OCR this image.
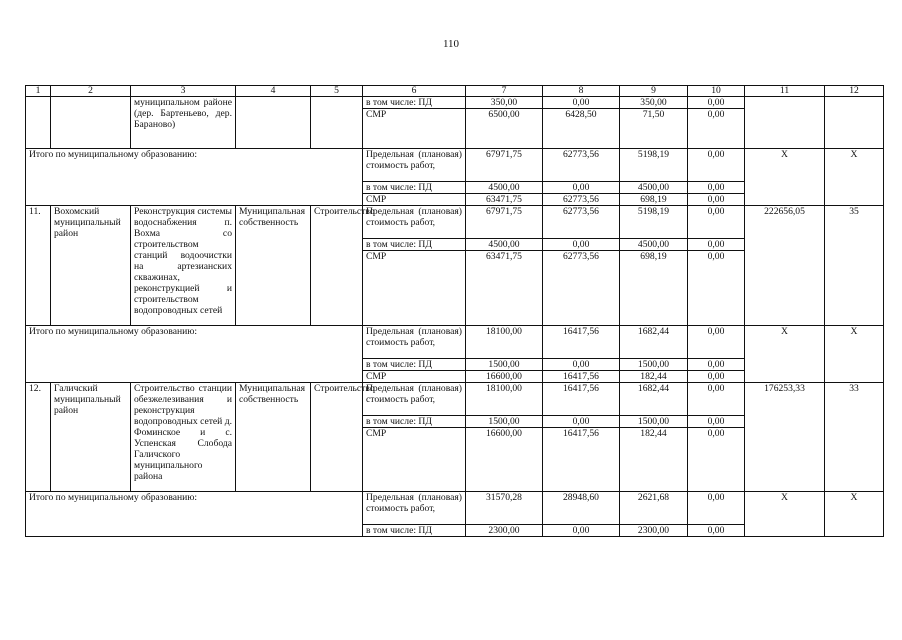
110
1	2	3	4	5	6	7	8	9	10	11	12
		муниципальном районе (дер. Бартеньево, дер. Бараново)			в том числе: ПД	350,00	0,00	350,00	0,00		
					СМР	6500,00	6428,50	71,50	0,00		
Итого по муниципальному образованию:					Предельная (плановая) стоимость работ,	67971,75	62773,56	5198,19	0,00	X	X
					в том числе: ПД	4500,00	0,00	4500,00	0,00		
					СМР	63471,75	62773,56	698,19	0,00		
11.	Вохомский муниципальный район	Реконструкция системы водоснабжения п. Вохма со строительством станций водоочистки на артезианских скважинах, реконструкцией и строительством водопроводных сетей	Муниципальная собственность	Строительство	Предельная (плановая) стоимость работ,	67971,75	62773,56	5198,19	0,00	222656,05	35
					в том числе: ПД	4500,00	0,00	4500,00	0,00		
					СМР	63471,75	62773,56	698,19	0,00		
Итого по муниципальному образованию:					Предельная (плановая) стоимость работ,	18100,00	16417,56	1682,44	0,00	X	X
					в том числе: ПД	1500,00	0,00	1500,00	0,00		
					СМР	16600,00	16417,56	182,44	0,00		
12.	Галичский муниципальный район	Строительство станции обезжелезивания и реконструкция водопроводных сетей д. Фоминское и с. Успенская Слобода Галичского муниципального района	Муниципальная собственность	Строительство	Предельная (плановая) стоимость работ,	18100,00	16417,56	1682,44	0,00	176253,33	33
					в том числе: ПД	1500,00	0,00	1500,00	0,00		
					СМР	16600,00	16417,56	182,44	0,00		
Итого по муниципальному образованию:					Предельная (плановая) стоимость работ,	31570,28	28948,60	2621,68	0,00	X	X
					в том числе: ПД	2300,00	0,00	2300,00	0,00		
